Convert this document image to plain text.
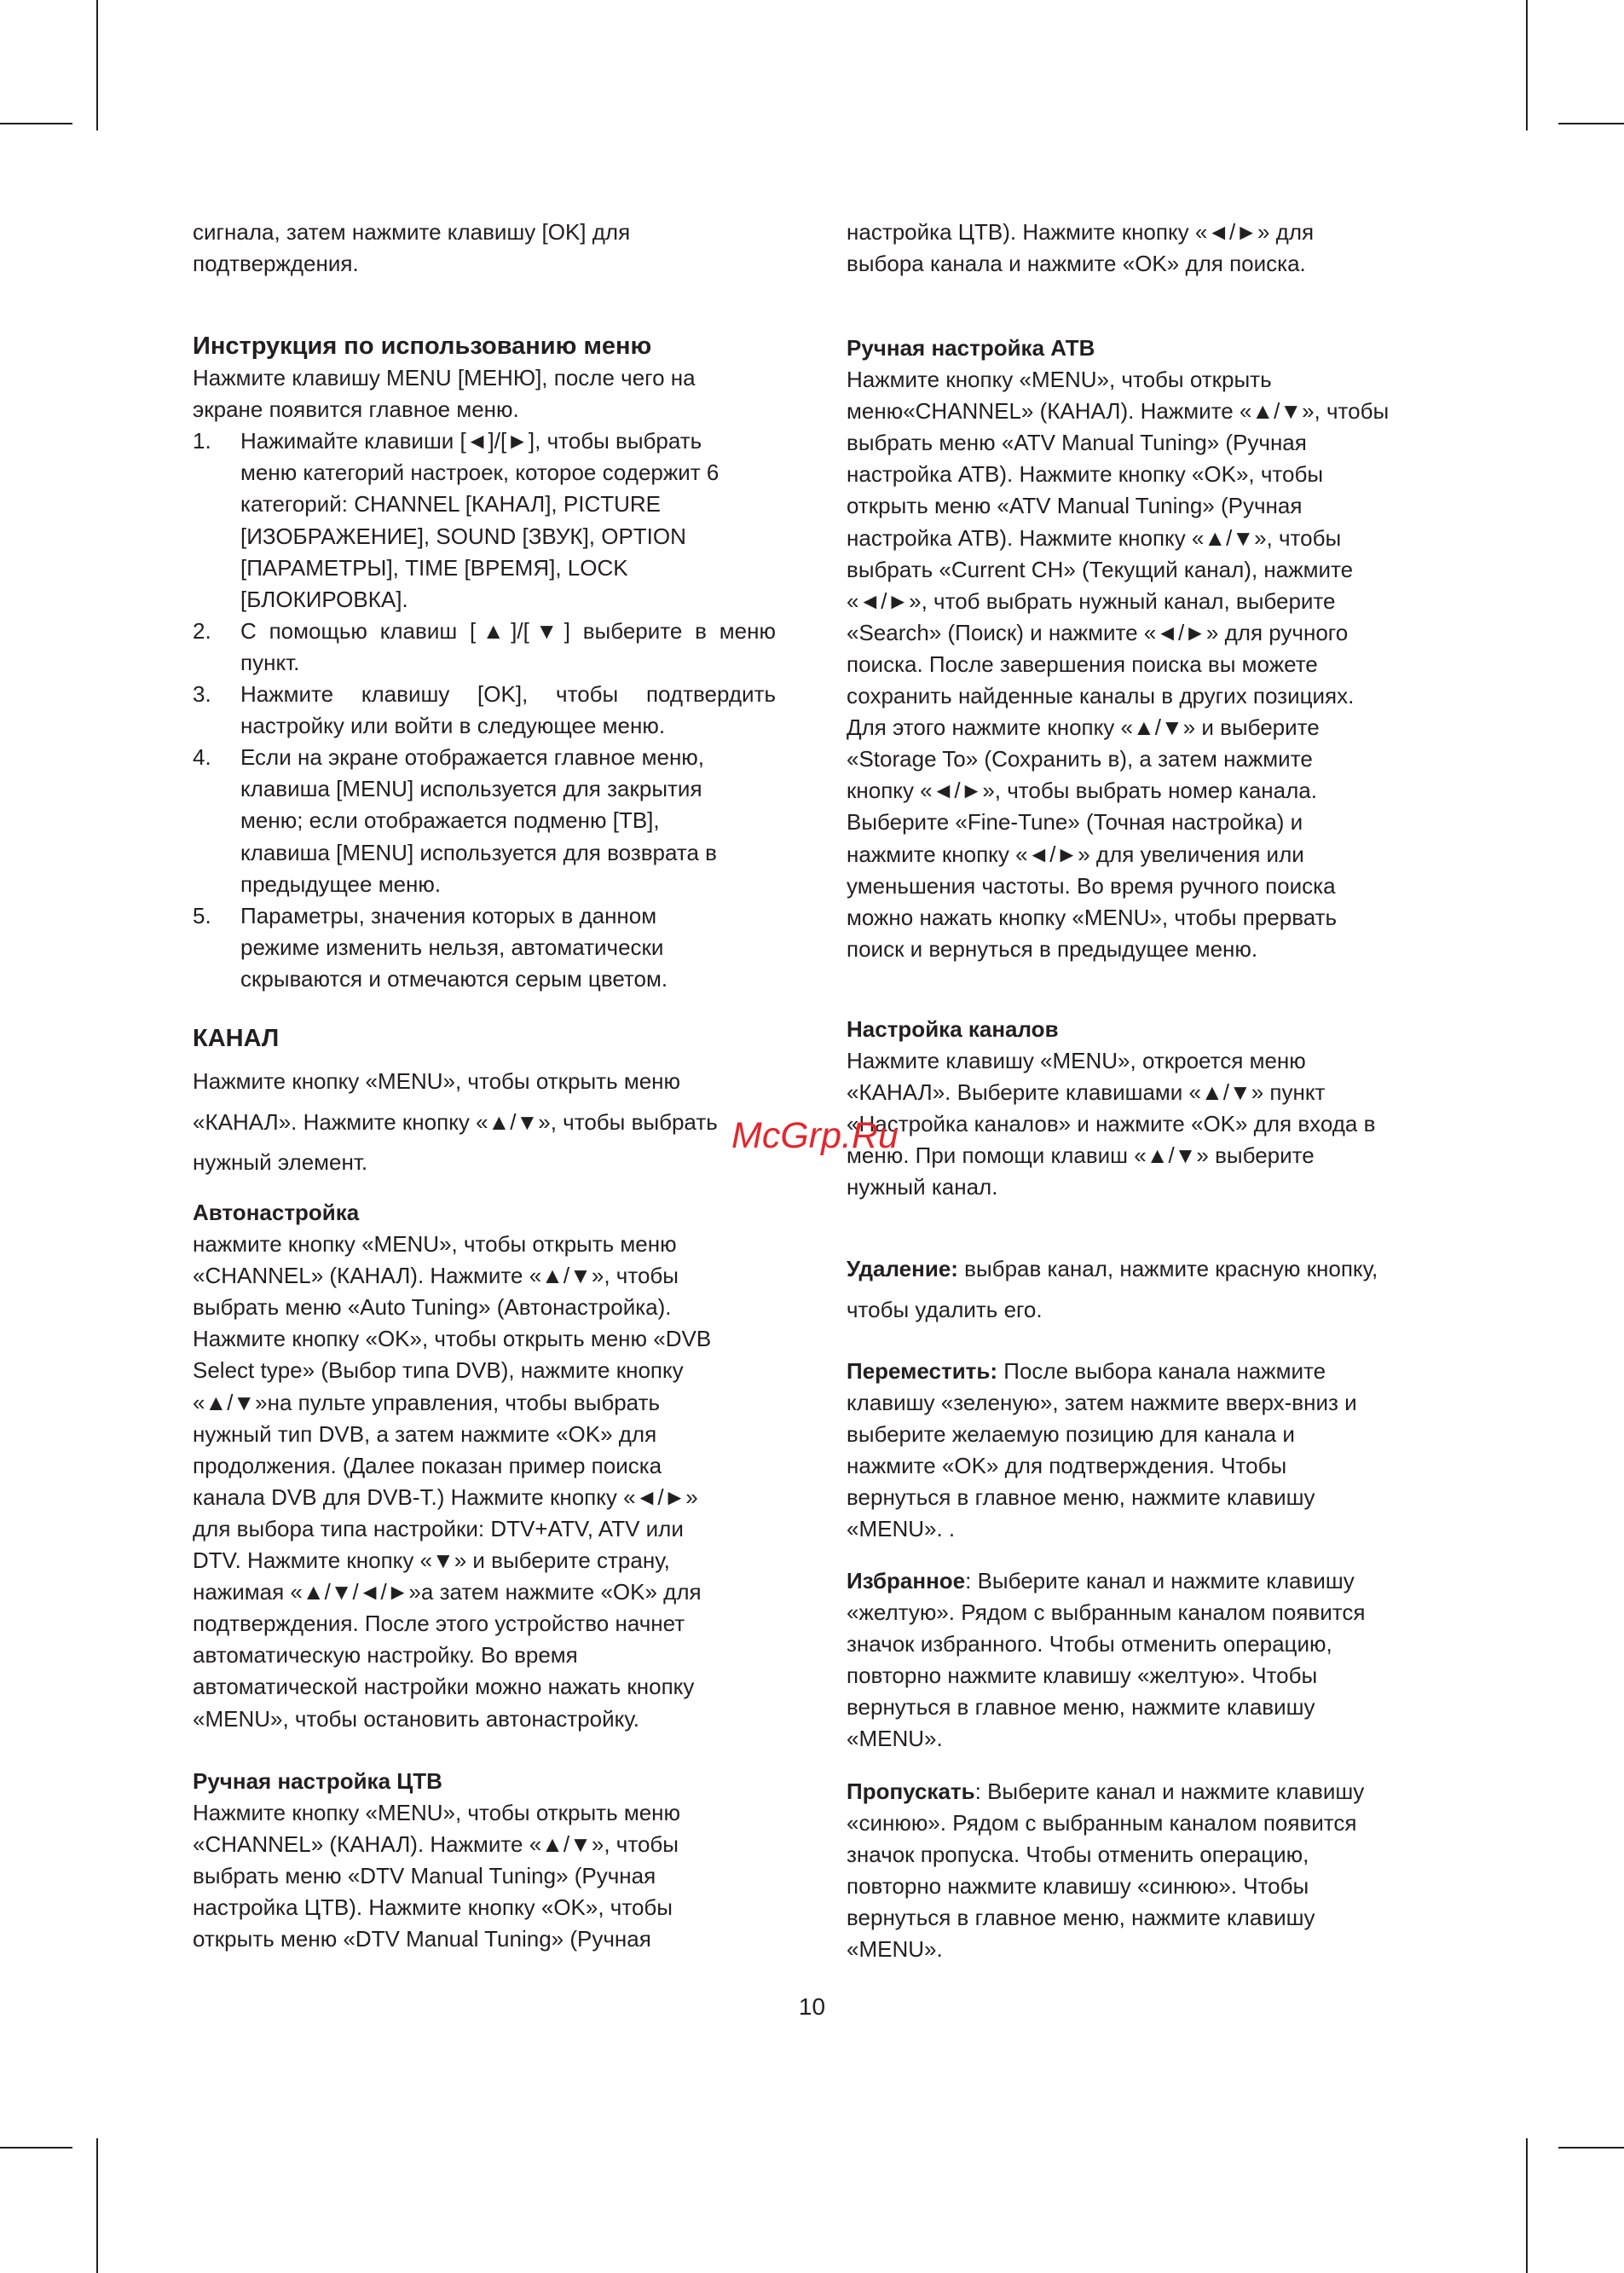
сигнала, затем нажмите клавишу [OK] для
подтверждения.
Инструкция по использованию меню
Нажмите клавишу MENU [МЕНЮ], после чего на
экране появится главное меню.
1. Нажимайте клавиши [◄]/[►], чтобы выбрать
меню категорий настроек, которое содержит 6
категорий: CHANNEL [КАНАЛ], PICTURE
[ИЗОБРАЖЕНИЕ], SOUND [ЗВУК], OPTION
[ПАРАМЕТРЫ], TIME [ВРЕМЯ], LOCK
[БЛОКИРОВКА].
2. С помощью клавиш [▲]/[▼] выберите в меню
пункт.
3. Нажмите клавишу [OK], чтобы подтвердить
настройку или войти в следующее меню.
4. Если на экране отображается главное меню,
клавиша [MENU] используется для закрытия
меню; если отображается подменю [ТВ],
клавиша [MENU] используется для возврата в
предыдущее меню.
5. Параметры, значения которых в данном
режиме изменить нельзя, автоматически
скрываются и отмечаются серым цветом.
КАНАЛ
Нажмите кнопку «MENU», чтобы открыть меню
«КАНАЛ». Нажмите кнопку «▲/▼», чтобы выбрать
нужный элемент.
Автонастройка
нажмите кнопку «MENU», чтобы открыть меню
«CHANNEL» (КАНАЛ). Нажмите «▲/▼», чтобы
выбрать меню «Auto Tuning» (Автонастройка).
Нажмите кнопку «OK», чтобы открыть меню «DVB
Select type» (Выбор типа DVB), нажмите кнопку
«▲/▼»на пульте управления, чтобы выбрать
нужный тип DVB, а затем нажмите «OK» для
продолжения. (Далее показан пример поиска
канала DVB для DVB-T.) Нажмите кнопку «◄/►»
для выбора типа настройки: DTV+ATV, ATV или
DTV. Нажмите кнопку «▼» и выберите страну,
нажимая «▲/▼/◄/►»а затем нажмите «OK» для
подтверждения. После этого устройство начнет
автоматическую настройку. Во время
автоматической настройки можно нажать кнопку
«MENU», чтобы остановить автонастройку.
Ручная настройка ЦТВ
Нажмите кнопку «MENU», чтобы открыть меню
«CHANNEL» (КАНАЛ). Нажмите «▲/▼», чтобы
выбрать меню «DTV Manual Tuning» (Ручная
настройка ЦТВ). Нажмите кнопку «OK», чтобы
открыть меню «DTV Manual Tuning» (Ручная
настройка ЦТВ). Нажмите кнопку «◄/►» для
выбора канала и нажмите «OK» для поиска.
Ручная настройка АТВ
Нажмите кнопку «MENU», чтобы открыть
меню«CHANNEL» (КАНАЛ). Нажмите «▲/▼», чтобы
выбрать меню «ATV Manual Tuning» (Ручная
настройка АТВ). Нажмите кнопку «OK», чтобы
открыть меню «ATV Manual Tuning» (Ручная
настройка АТВ). Нажмите кнопку «▲/▼», чтобы
выбрать «Current CH» (Текущий канал), нажмите
«◄/►», чтоб выбрать нужный канал, выберите
«Search» (Поиск) и нажмите «◄/►» для ручного
поиска. После завершения поиска вы можете
сохранить найденные каналы в других позициях.
Для этого нажмите кнопку «▲/▼» и выберите
«Storage To» (Сохранить в), а затем нажмите
кнопку «◄/►», чтобы выбрать номер канала.
Выберите «Fine-Tune» (Точная настройка) и
нажмите кнопку «◄/►» для увеличения или
уменьшения частоты. Во время ручного поиска
можно нажать кнопку «MENU», чтобы прервать
поиск и вернуться в предыдущее меню.
Настройка каналов
Нажмите клавишу «MENU», откроется меню
«КАНАЛ». Выберите клавишами «▲/▼» пункт
«Настройка каналов» и нажмите «OK» для входа в
меню. При помощи клавиш «▲/▼» выберите
нужный канал.
Удаление: выбрав канал, нажмите красную кнопку,
чтобы удалить его.
Переместить: После выбора канала нажмите
клавишу «зеленую», затем нажмите вверх-вниз и
выберите желаемую позицию для канала и
нажмите «OK» для подтверждения. Чтобы
вернуться в главное меню, нажмите клавишу
«MENU». .
Избранное: Выберите канал и нажмите клавишу
«желтую». Рядом с выбранным каналом появится
значок избранного. Чтобы отменить операцию,
повторно нажмите клавишу «желтую». Чтобы
вернуться в главное меню, нажмите клавишу
«MENU».
Пропускать: Выберите канал и нажмите клавишу
«синюю». Рядом с выбранным каналом появится
значок пропуска. Чтобы отменить операцию,
повторно нажмите клавишу «синюю». Чтобы
вернуться в главное меню, нажмите клавишу
«MENU».
McGrp.Ru
10
